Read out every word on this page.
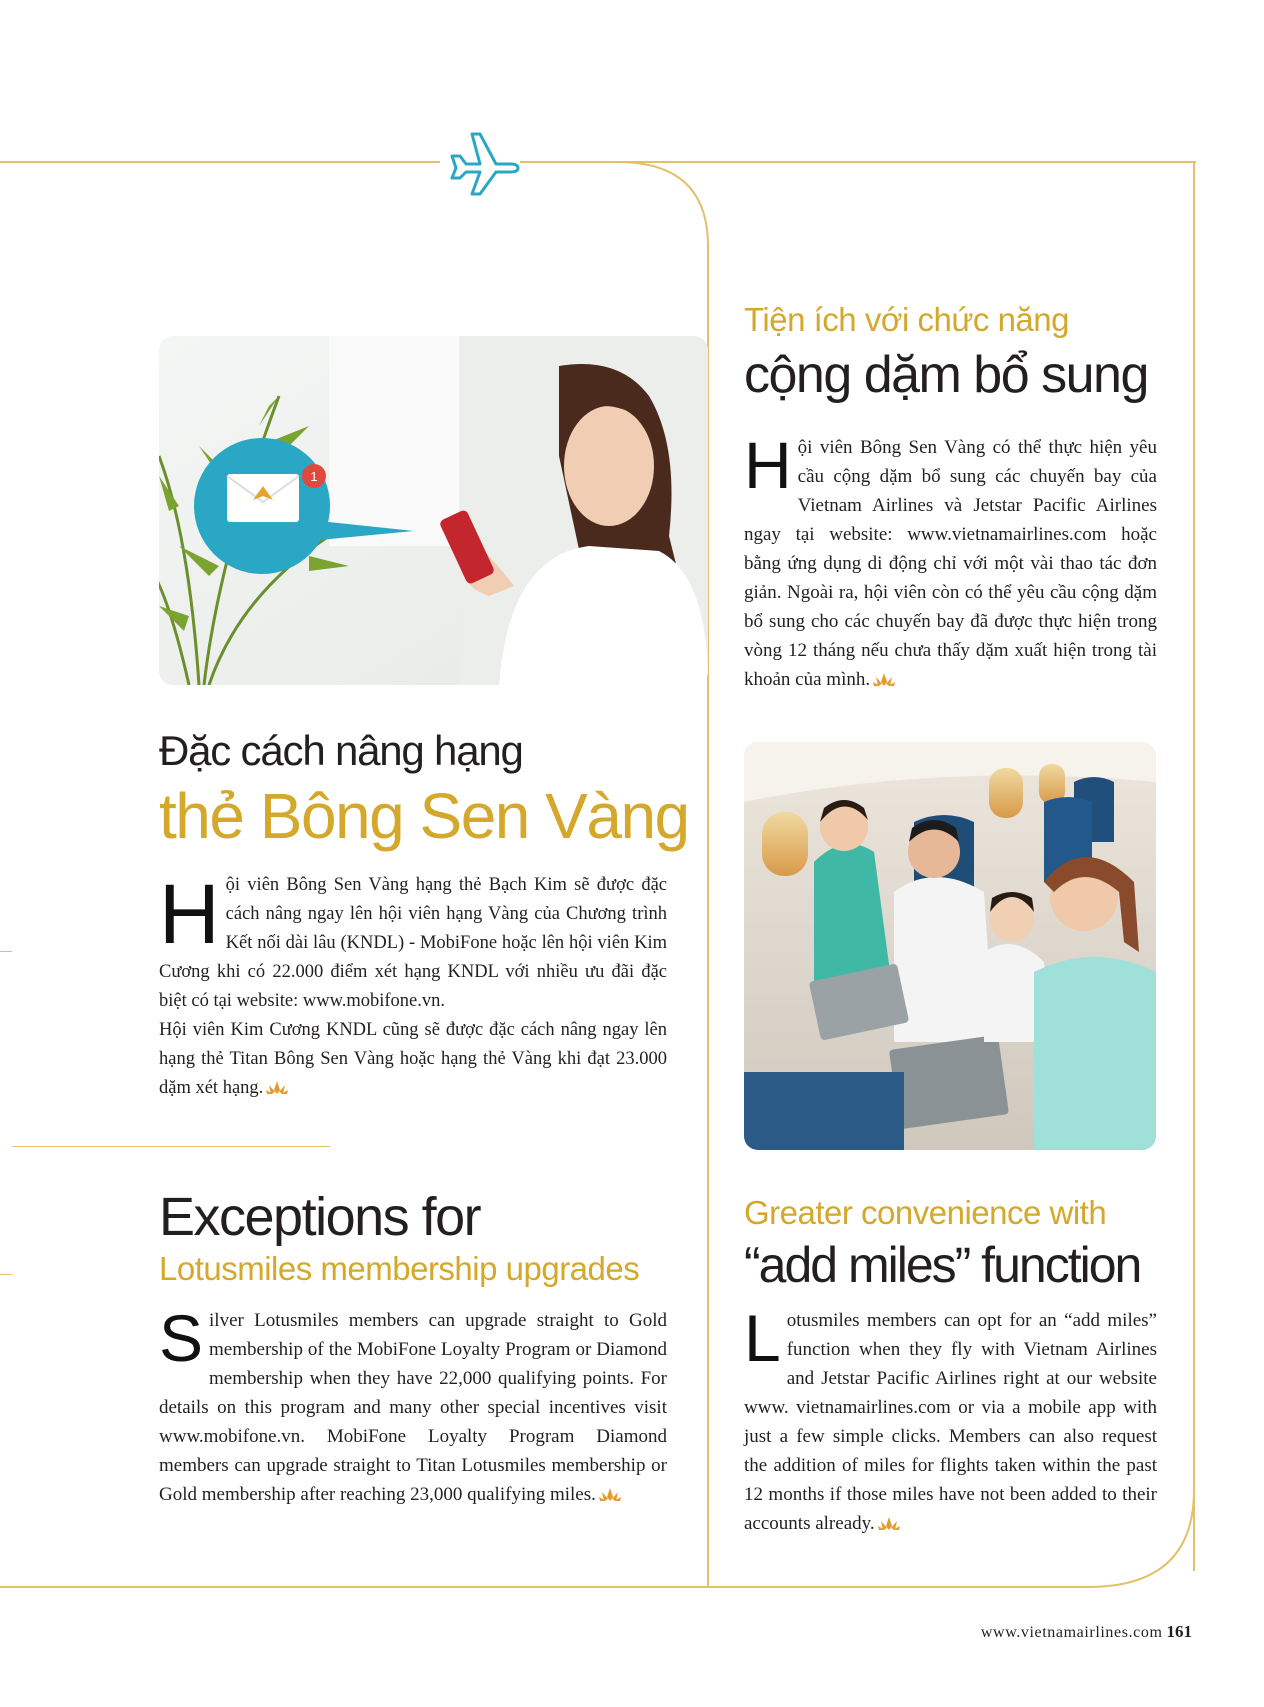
1
Tiện ích với chức năng
cộng dặm bổ sung
Hội viên Bông Sen Vàng có thể thực hiện yêu cầu cộng dặm bổ sung các chuyến bay của Vietnam Airlines và Jetstar Pacific Airlines ngay tại website: www.vietnamairlines.com hoặc bằng ứng dụng di động chỉ với một vài thao tác đơn giản. Ngoài ra, hội viên còn có thể yêu cầu cộng dặm bổ sung cho các chuyến bay đã được thực hiện trong vòng 12 tháng nếu chưa thấy dặm xuất hiện trong tài khoản của mình.
Đặc cách nâng hạng
thẻ Bông Sen Vàng
Hội viên Bông Sen Vàng hạng thẻ Bạch Kim sẽ được đặc cách nâng ngay lên hội viên hạng Vàng của Chương trình Kết nối dài lâu (KNDL) - MobiFone hoặc lên hội viên Kim Cương khi có 22.000 điểm xét hạng KNDL với nhiều ưu đãi đặc biệt có tại website: www.mobifone.vn.
Hội viên Kim Cương KNDL cũng sẽ được đặc cách nâng ngay lên hạng thẻ Titan Bông Sen Vàng hoặc hạng thẻ Vàng khi đạt 23.000 dặm xét hạng.
Exceptions for
Lotusmiles membership upgrades
Silver Lotusmiles members can upgrade straight to Gold membership of the MobiFone Loyalty Program or Diamond membership when they have 22,000 qualifying points. For details on this program and many other special incentives visit www.mobifone.vn. MobiFone Loyalty Program Diamond members can upgrade straight to Titan Lotusmiles membership or Gold membership after reaching 23,000 qualifying miles.
Greater convenience with
“add miles” function
Lotusmiles members can opt for an “add miles” function when they fly with Vietnam Airlines and Jetstar Pacific Airlines right at our website www. vietnamairlines.com or via a mobile app with just a few simple clicks. Members can also request the addition of miles for flights taken within the past 12 months if those miles have not been added to their accounts already.
www.vietnamairlines.com 161
